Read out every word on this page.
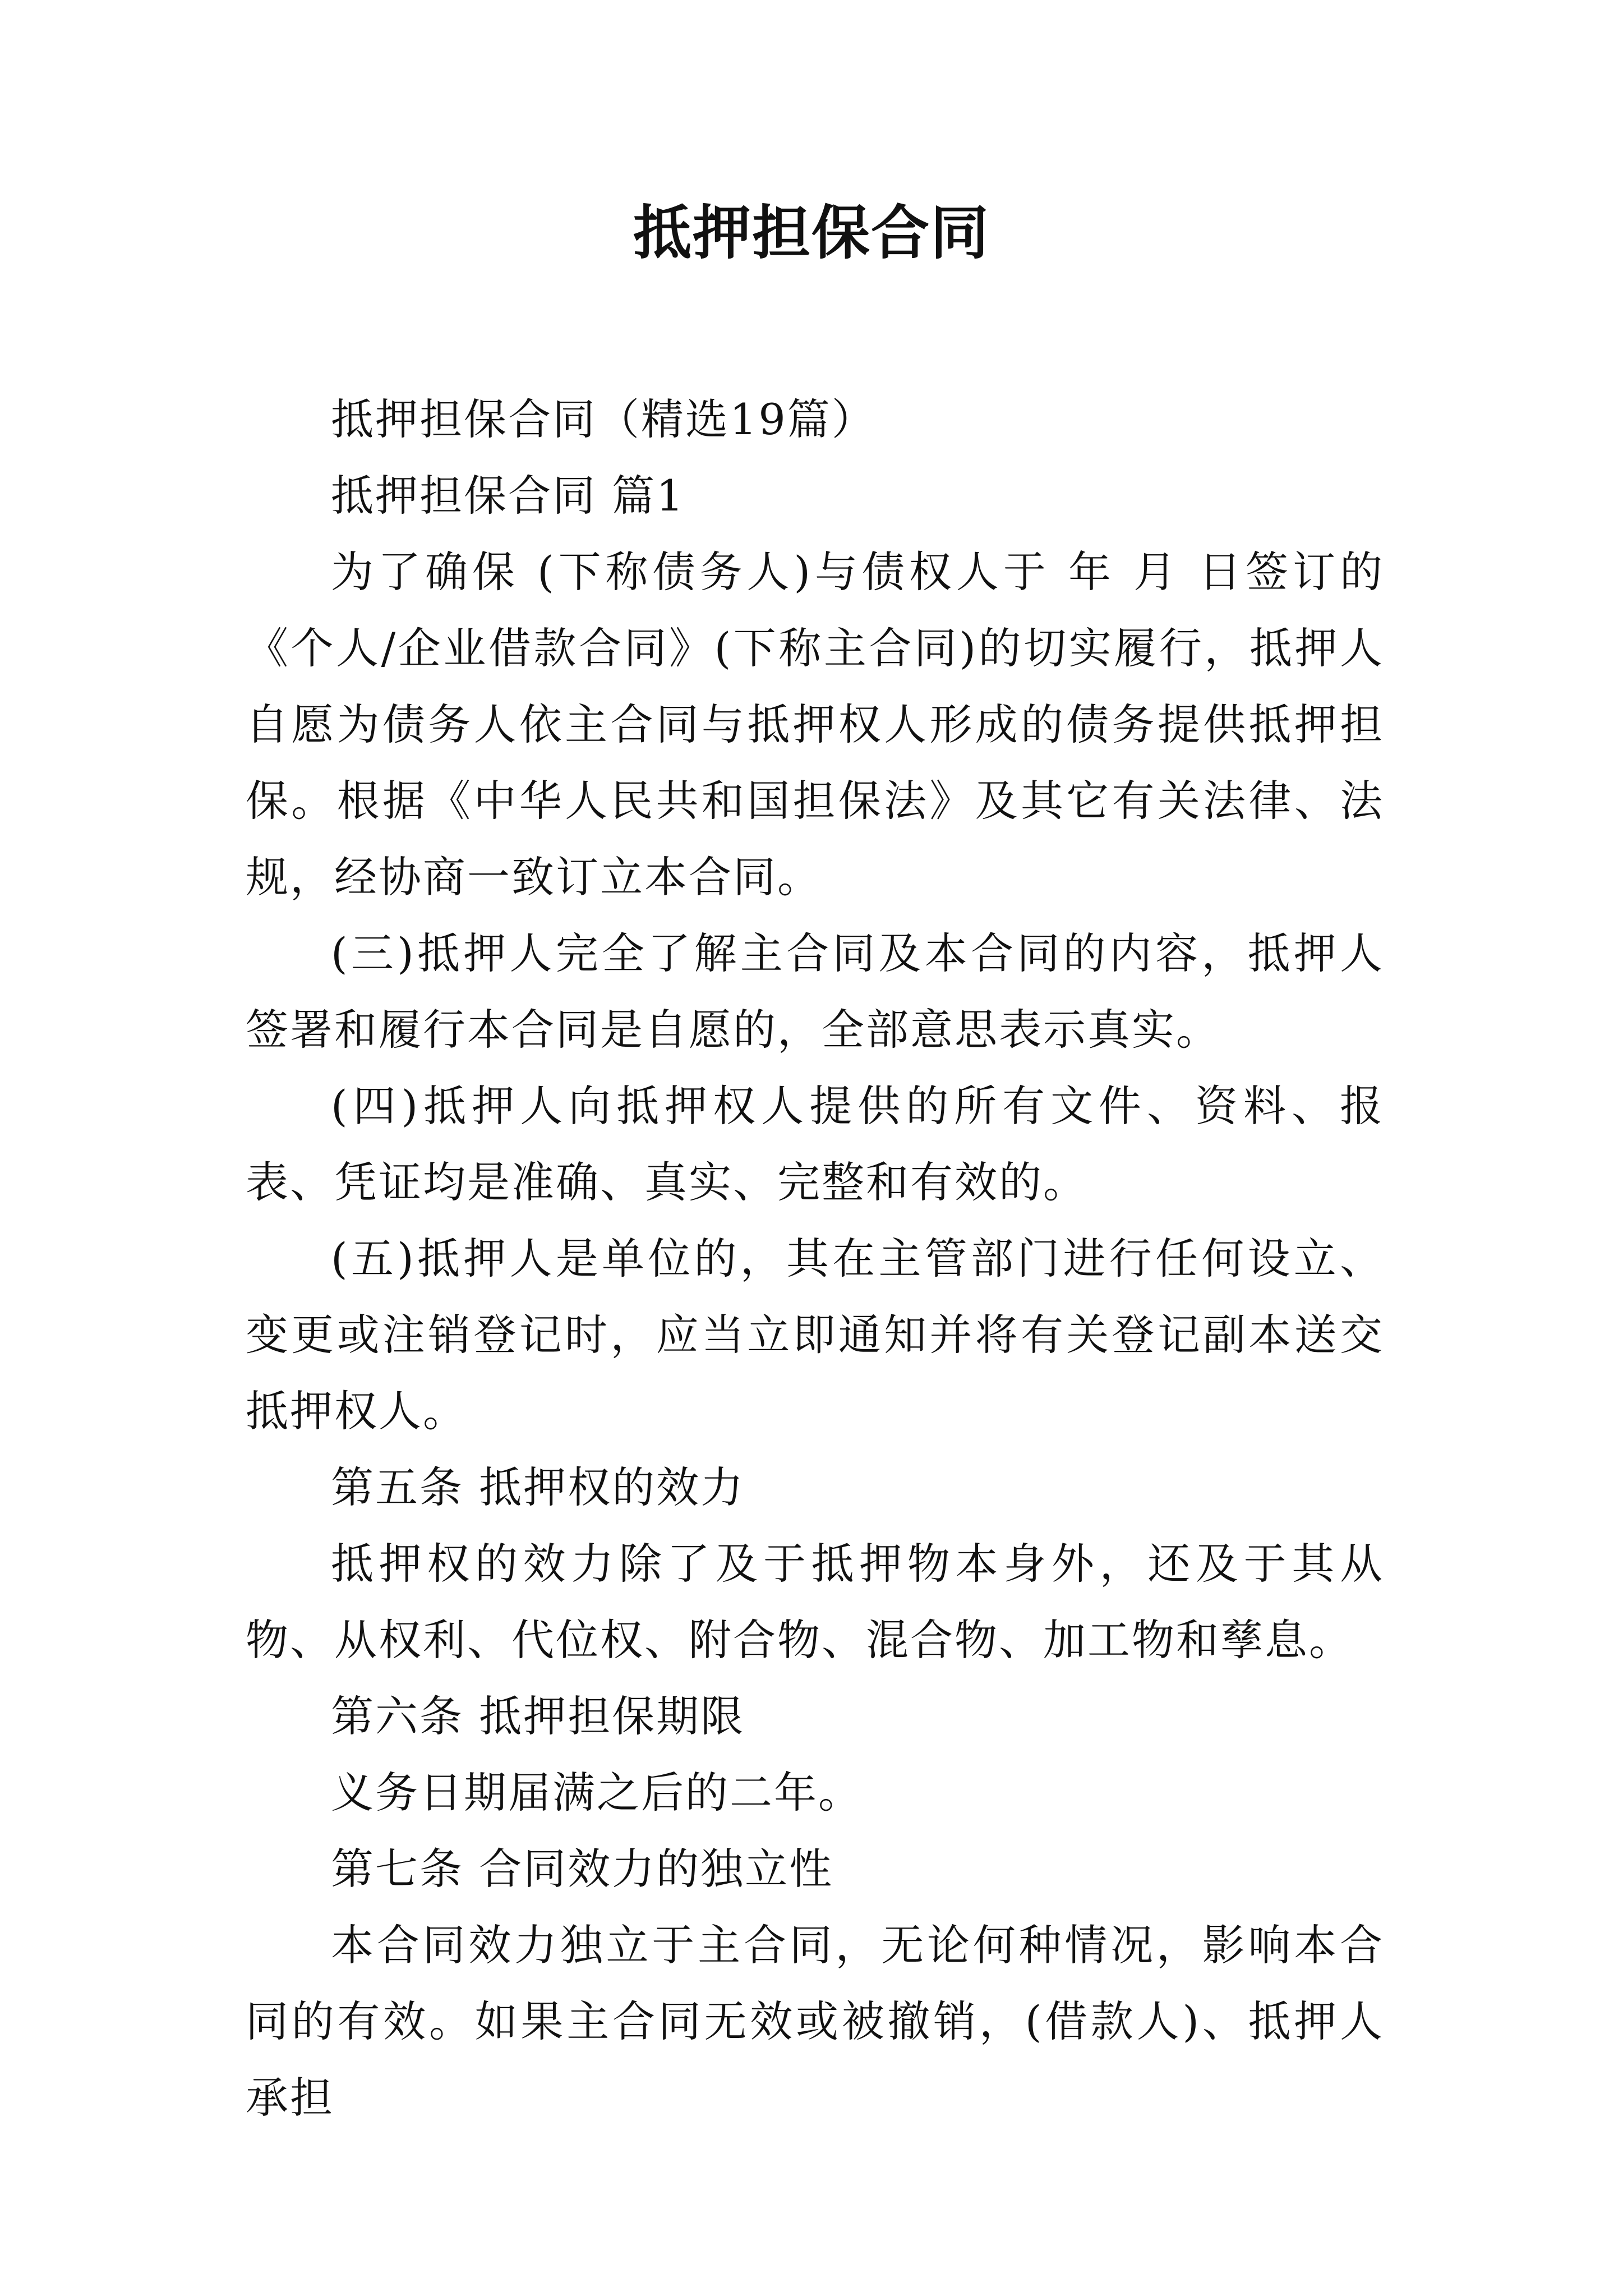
抵押担保合同

抵押担保合同（精选19篇）

抵押担保合同 篇1

为了确保 (下称债务人)与债权人于 年 月 日签订的《个人/企业借款合同》(下称主合同)的切实履行，抵押人自愿为债务人依主合同与抵押权人形成的债务提供抵押担保。根据《中华人民共和国担保法》及其它有关法律、法规，经协商一致订立本合同。

(三)抵押人完全了解主合同及本合同的内容，抵押人签署和履行本合同是自愿的，全部意思表示真实。

(四)抵押人向抵押权人提供的所有文件、资料、报表、凭证均是准确、真实、完整和有效的。

(五)抵押人是单位的，其在主管部门进行任何设立、变更或注销登记时，应当立即通知并将有关登记副本送交抵押权人。

第五条 抵押权的效力

抵押权的效力除了及于抵押物本身外，还及于其从物、从权利、代位权、附合物、混合物、加工物和孳息。

第六条 抵押担保期限

义务日期届满之后的二年。

第七条 合同效力的独立性

本合同效力独立于主合同，无论何种情况，影响本合同的有效。如果主合同无效或被撤销，(借款人)、抵押人承担
